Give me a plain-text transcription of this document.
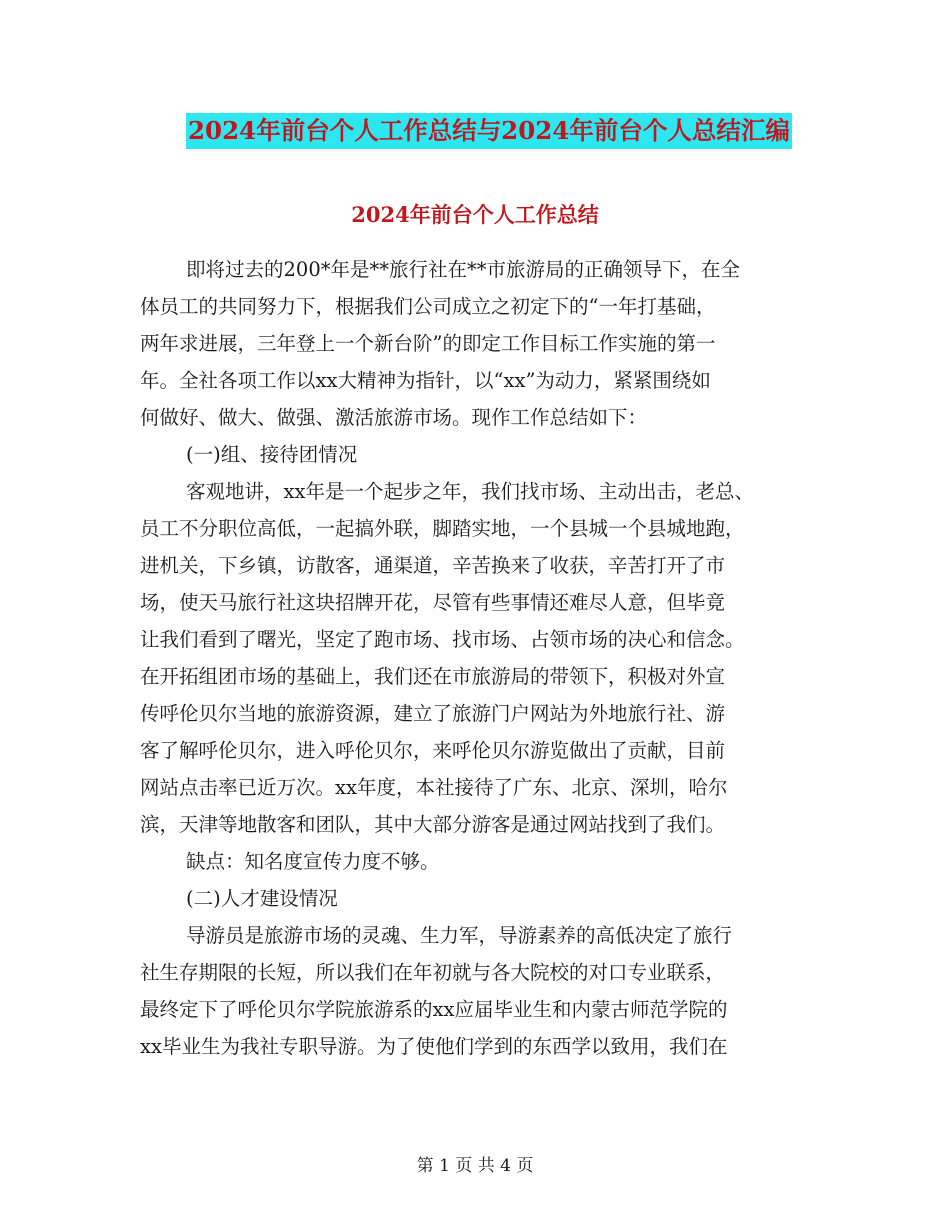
2024年前台个人工作总结与2024年前台个人总结汇编
2024年前台个人工作总结
即将过去的200*年是**旅行社在**市旅游局的正确领导下，在全
体员工的共同努力下，根据我们公司成立之初定下的“一年打基础，
两年求进展，三年登上一个新台阶”的即定工作目标工作实施的第一
年。全社各项工作以xx大精神为指针，以“xx”为动力，紧紧围绕如
何做好、做大、做强、激活旅游市场。现作工作总结如下：
(一)组、接待团情况
客观地讲，xx年是一个起步之年，我们找市场、主动出击，老总、
员工不分职位高低，一起搞外联，脚踏实地，一个县城一个县城地跑，
进机关，下乡镇，访散客，通渠道，辛苦换来了收获，辛苦打开了市
场，使天马旅行社这块招牌开花，尽管有些事情还难尽人意，但毕竟
让我们看到了曙光，坚定了跑市场、找市场、占领市场的决心和信念。
在开拓组团市场的基础上，我们还在市旅游局的带领下，积极对外宣
传呼伦贝尔当地的旅游资源，建立了旅游门户网站为外地旅行社、游
客了解呼伦贝尔，进入呼伦贝尔，来呼伦贝尔游览做出了贡献，目前
网站点击率已近万次。xx年度，本社接待了广东、北京、深圳，哈尔
滨，天津等地散客和团队，其中大部分游客是通过网站找到了我们。
缺点：知名度宣传力度不够。
(二)人才建设情况
导游员是旅游市场的灵魂、生力军，导游素养的高低决定了旅行
社生存期限的长短，所以我们在年初就与各大院校的对口专业联系，
最终定下了呼伦贝尔学院旅游系的xx应届毕业生和内蒙古师范学院的
xx毕业生为我社专职导游。为了使他们学到的东西学以致用，我们在
第 1 页 共 4 页
